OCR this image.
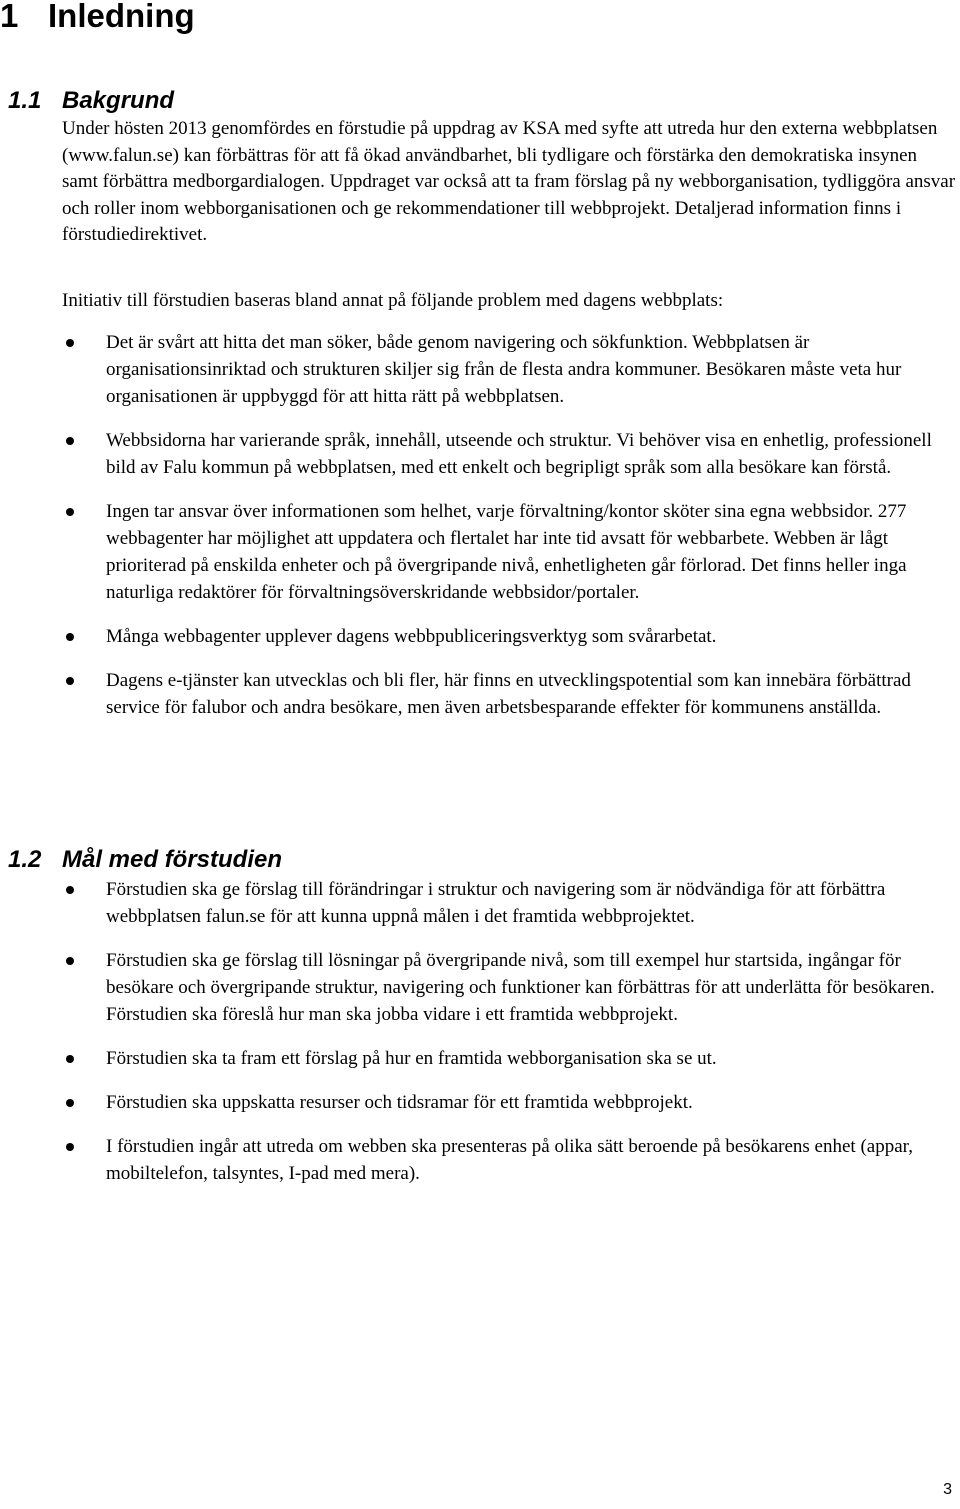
1 Inledning
1.1 Bakgrund

Under hösten 2013 genomfördes en förstudie på uppdrag av KSA med syfte att utreda hur den externa webbplatsen (www.falun.se) kan förbättras för att få ökad användbarhet, bli tydligare och förstärka den demokratiska insynen samt förbättra medborgardialogen. Uppdraget var också att ta fram förslag på ny webborganisation, tydliggöra ansvar och roller inom webborganisationen och ge rekommendationer till webbprojekt. Detaljerad information finns i förstudiedirektivet.

Initiativ till förstudien baseras bland annat på följande problem med dagens webbplats:

Det är svårt att hitta det man söker, både genom navigering och sökfunktion. Webbplatsen är organisationsinriktad och strukturen skiljer sig från de flesta andra kommuner. Besökaren måste veta hur organisationen är uppbyggd för att hitta rätt på webbplatsen.
Webbsidorna har varierande språk, innehåll, utseende och struktur. Vi behöver visa en enhetlig, professionell bild av Falu kommun på webbplatsen, med ett enkelt och begripligt språk som alla besökare kan förstå.
Ingen tar ansvar över informationen som helhet, varje förvaltning/kontor sköter sina egna webbsidor. 277 webbagenter har möjlighet att uppdatera och flertalet har inte tid avsatt för webbarbete. Webben är lågt prioriterad på enskilda enheter och på övergripande nivå, enhetligheten går förlorad. Det finns heller inga naturliga redaktörer för förvaltningsöverskridande webbsidor/portaler.
Många webbagenter upplever dagens webbpubliceringsverktyg som svårarbetat.
Dagens e-tjänster kan utvecklas och bli fler, här finns en utvecklingspotential som kan innebära förbättrad service för falubor och andra besökare, men även arbetsbesparande effekter för kommunens anställda.
1.2 Mål med förstudien
Förstudien ska ge förslag till förändringar i struktur och navigering som är nödvändiga för att förbättra webbplatsen falun.se för att kunna uppnå målen i det framtida webbprojektet.
Förstudien ska ge förslag till lösningar på övergripande nivå, som till exempel hur startsida, ingångar för besökare och övergripande struktur, navigering och funktioner kan förbättras för att underlätta för besökaren. Förstudien ska föreslå hur man ska jobba vidare i ett framtida webbprojekt.
Förstudien ska ta fram ett förslag på hur en framtida webborganisation ska se ut.
Förstudien ska uppskatta resurser och tidsramar för ett framtida webbprojekt.
I förstudien ingår att utreda om webben ska presenteras på olika sätt beroende på besökarens enhet (appar, mobiltelefon, talsyntes, I-pad med mera).

3
